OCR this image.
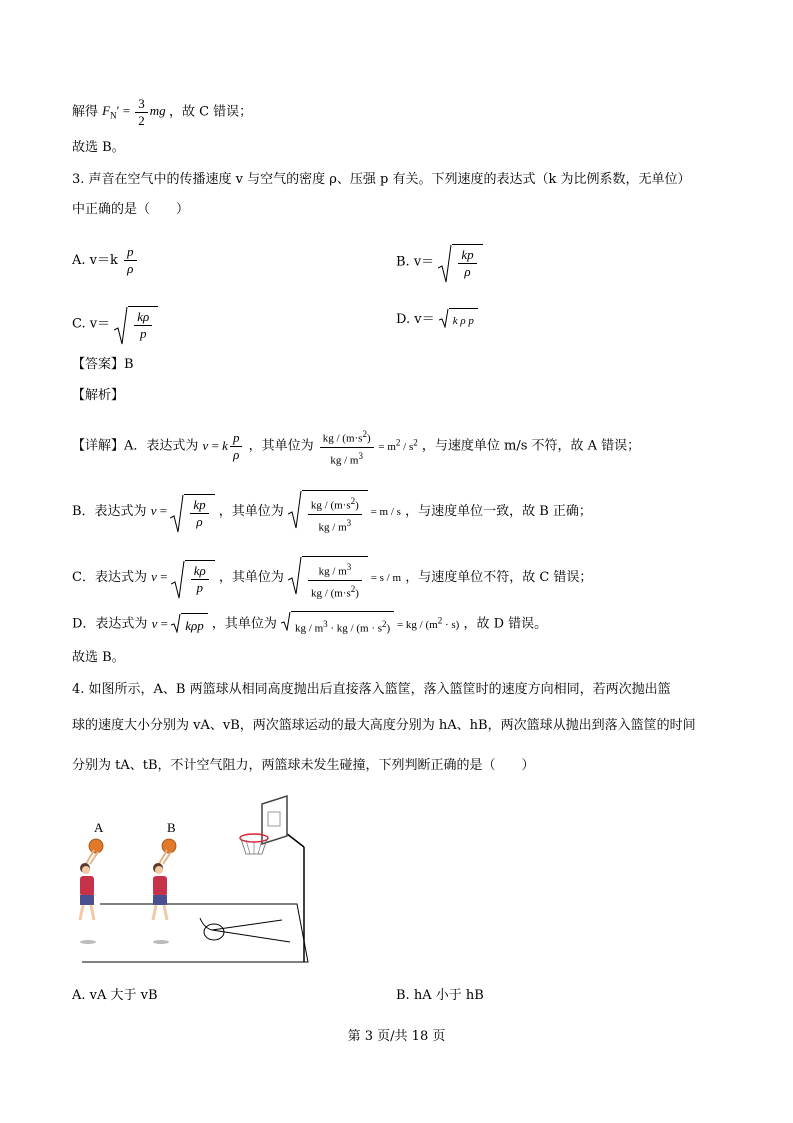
解得 $F_N' = \frac{3}{2}$ mg ，故 C 错误；
故选 B。
3. 声音在空气中的传播速度 v 与空气的密度 ρ、压强 p 有关。下列速度的表达式（k 为比例系数，无单位）
中正确的是（　　）
A. $v=k \frac{p}{\rho}$	B. $v= \frac{kp}{\rho}$
C. $v= \frac{k\rho}{p}$	D. v＝ k ρ p
【答案】B
【解析】
【详解】A．表达式为 v = k $\frac{p}{\rho}$ ，其单位为 $\frac{kg / (m\cdot s^2)}{kg / m^3} = m^2 / s^2$ ，与速度单位 m/s 不符，故 A 错误；
B．表达式为 $v = \frac{kp}{\rho}$ ，其单位为 $\frac{kg / (m\cdot s^2)}{kg / m^3} = m / s$ ，与速度单位一致，故 B 正确；
C．表达式为 $v = \frac{k\rho}{p}$ ，其单位为 $\frac{kg / m^3}{kg / (m\cdot s^2)} = s / m$ ，与速度单位不符，故 C 错误；
D．表达式为 v =
kρp ，其单位为 kg / $m^3$ · kg / $(m \cdot s^2)$ = kg / $(m^2 \cdot s)$ ，故 D 错误。
故选 B。
4. 如图所示，A、B 两篮球从相同高度抛出后直接落入篮筐，落入篮筐时的速度方向相同，若两次抛出篮
球的速度大小分别为 vA、vB，两次篮球运动的最大高度分别为 hA、hB，两次篮球从抛出到落入篮筐的时间
分别为 tA、tB，不计空气阻力，两篮球未发生碰撞，下列判断正确的是（　　）
A	B
A. vA 大于 vB	B. hA 小于 hB
第 3 页/共 18 页
